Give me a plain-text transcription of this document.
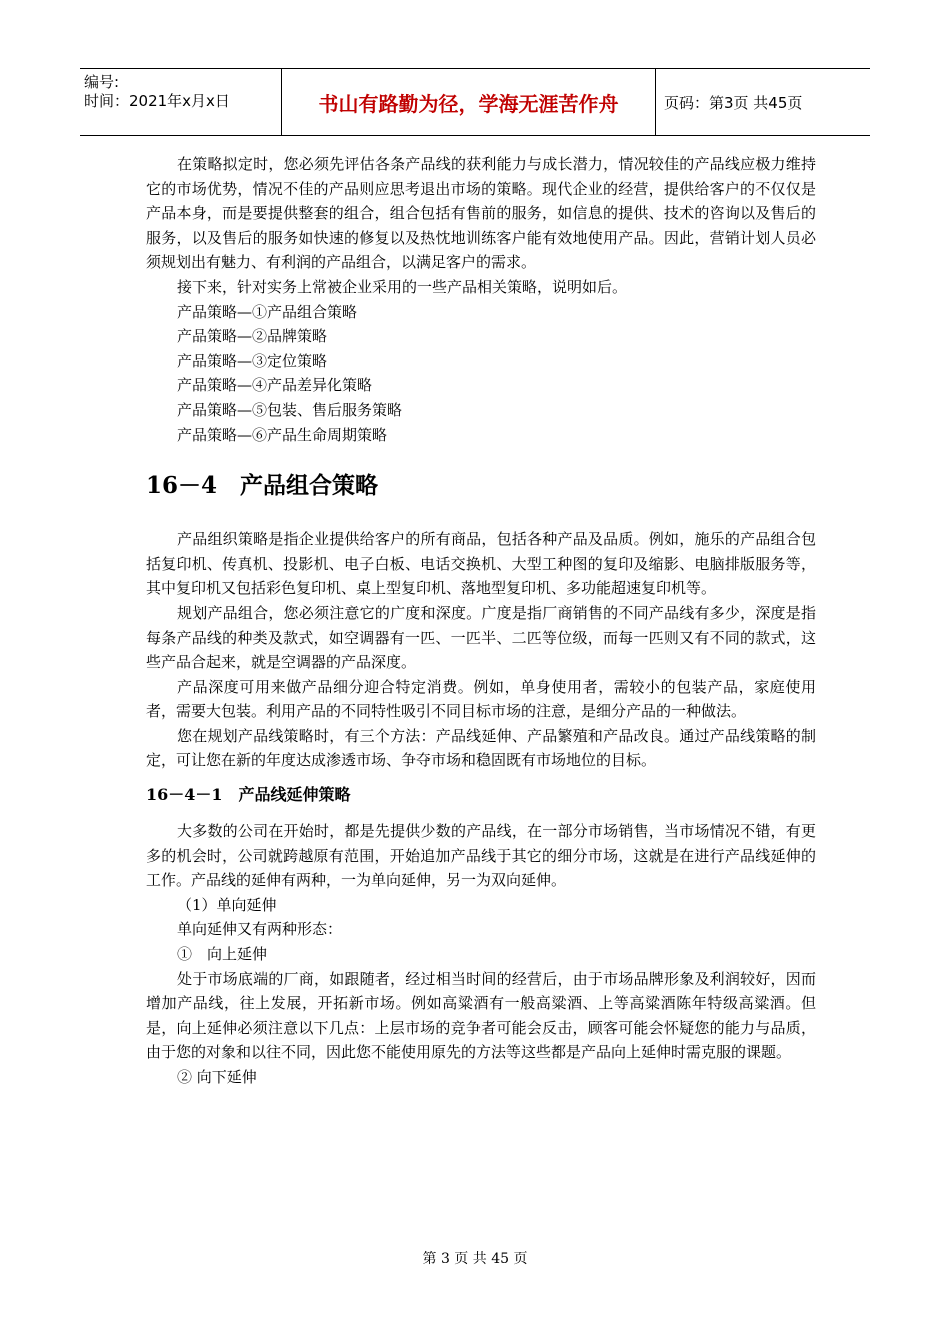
编号:
时间：2021年x月x日	书山有路勤为径，学海无涯苦作舟	页码：第3页 共45页

在策略拟定时，您必须先评估各条产品线的获利能力与成长潜力，情况较佳的产品线应极力维持它的市场优势，情况不佳的产品则应思考退出市场的策略。现代企业的经营，提供给客户的不仅仅是产品本身，而是要提供整套的组合，组合包括有售前的服务，如信息的提供、技术的咨询以及售后的服务，以及售后的服务如快速的修复以及热忱地训练客户能有效地使用产品。因此，营销计划人员必须规划出有魅力、有利润的产品组合，以满足客户的需求。

接下来，针对实务上常被企业采用的一些产品相关策略，说明如后。

产品策略—①产品组合策略

产品策略—②品牌策略

产品策略—③定位策略

产品策略—④产品差异化策略

产品策略—⑤包装、售后服务策略

产品策略—⑥产品生命周期策略

16－4　产品组合策略

产品组织策略是指企业提供给客户的所有商品，包括各种产品及品质。例如，施乐的产品组合包括复印机、传真机、投影机、电子白板、电话交换机、大型工种图的复印及缩影、电脑排版服务等，其中复印机又包括彩色复印机、桌上型复印机、落地型复印机、多功能超速复印机等。

规划产品组合，您必须注意它的广度和深度。广度是指厂商销售的不同产品线有多少，深度是指每条产品线的种类及款式，如空调器有一匹、一匹半、二匹等位级，而每一匹则又有不同的款式，这些产品合起来，就是空调器的产品深度。

产品深度可用来做产品细分迎合特定消费。例如，单身使用者，需较小的包装产品，家庭使用者，需要大包装。利用产品的不同特性吸引不同目标市场的注意，是细分产品的一种做法。

您在规划产品线策略时，有三个方法：产品线延伸、产品繁殖和产品改良。通过产品线策略的制定，可让您在新的年度达成渗透市场、争夺市场和稳固既有市场地位的目标。

16－4－1　产品线延伸策略

大多数的公司在开始时，都是先提供少数的产品线，在一部分市场销售，当市场情况不错，有更多的机会时，公司就跨越原有范围，开始追加产品线于其它的细分市场，这就是在进行产品线延伸的工作。产品线的延伸有两种，一为单向延伸，另一为双向延伸。

（1）单向延伸

单向延伸又有两种形态：

①　向上延伸

处于市场底端的厂商，如跟随者，经过相当时间的经营后，由于市场品牌形象及利润较好，因而增加产品线，往上发展，开拓新市场。例如高粱酒有一般高粱酒、上等高粱酒陈年特级高粱酒。但是，向上延伸必须注意以下几点：上层市场的竞争者可能会反击，顾客可能会怀疑您的能力与品质，由于您的对象和以往不同，因此您不能使用原先的方法等这些都是产品向上延伸时需克服的课题。

② 向下延伸

第 3 页 共 45 页
